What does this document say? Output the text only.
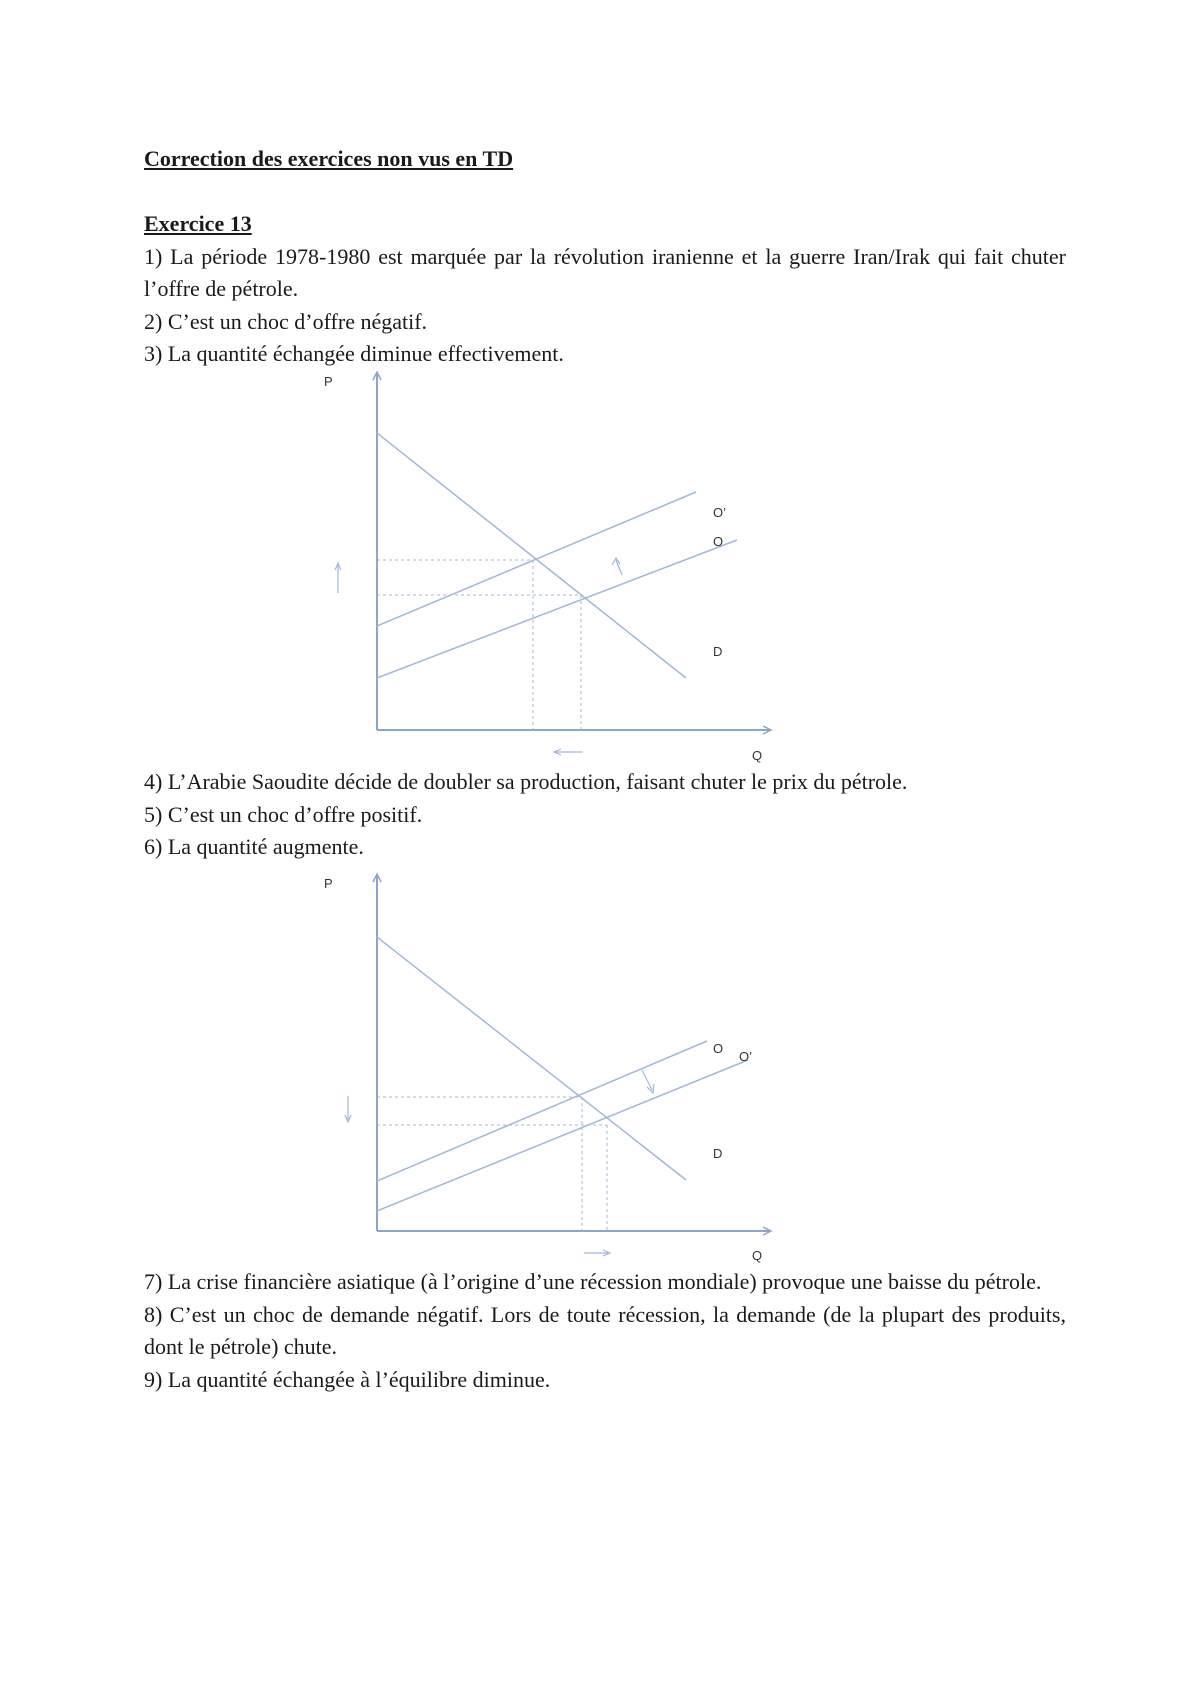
Correction des exercices non vus en TD

Exercice 13

1) La période 1978-1980 est marquée par la révolution iranienne et la guerre Iran/Irak qui fait chuter l’offre de pétrole.

2) C’est un choc d’offre négatif.

3) La quantité échangée diminue effectivement.

P
Q
O’
O
D

4) L’Arabie Saoudite décide de doubler sa production, faisant chuter le prix du pétrole.

5) C’est un choc d’offre positif.

6) La quantité augmente.

P
Q
O
O’
D

7) La crise financière asiatique (à l’origine d’une récession mondiale) provoque une baisse du pétrole.

8) C’est un choc de demande négatif. Lors de toute récession, la demande (de la plupart des produits, dont le pétrole) chute.

9) La quantité échangée à l’équilibre diminue.
